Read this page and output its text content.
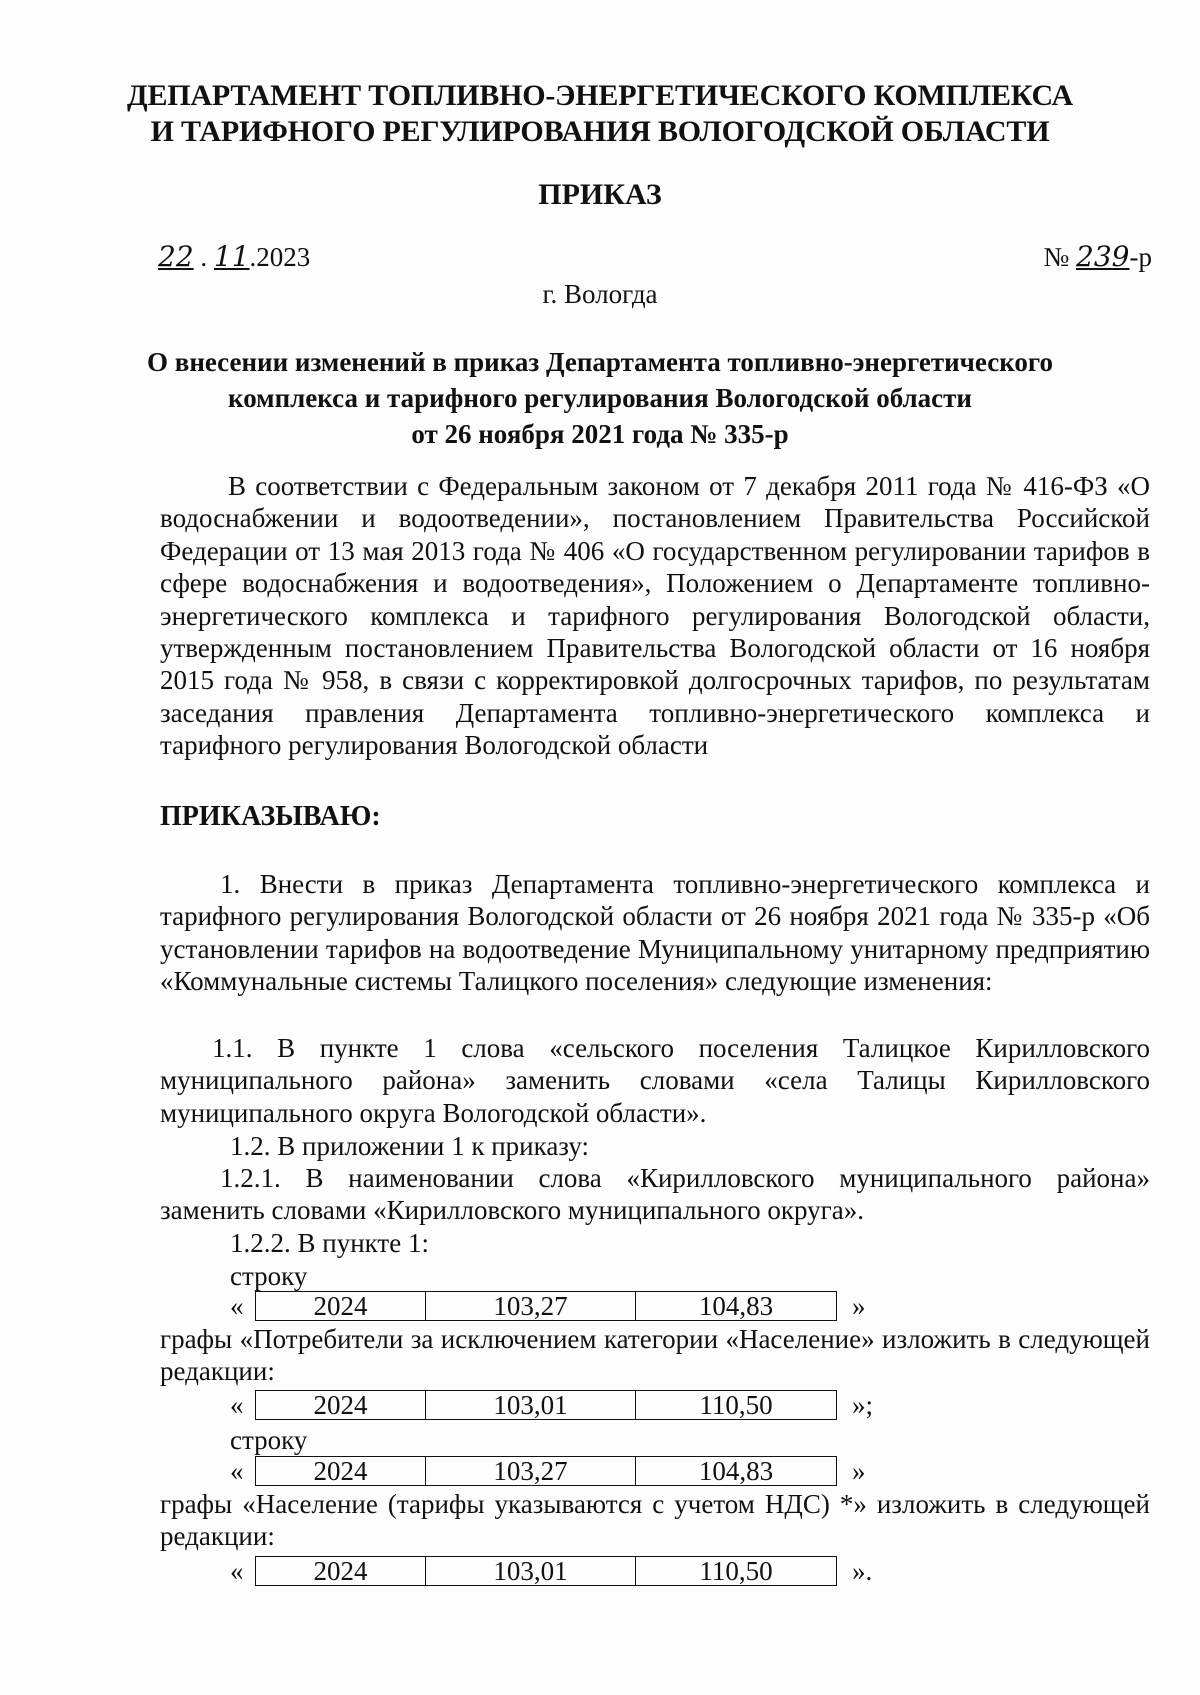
ДЕПАРТАМЕНТ ТОПЛИВНО-ЭНЕРГЕТИЧЕСКОГО КОМПЛЕКСА
И ТАРИФНОГО РЕГУЛИРОВАНИЯ ВОЛОГОДСКОЙ ОБЛАСТИ
ПРИКАЗ
22 . 11.2023	№ 239-р
г. Вологда
О внесении изменений в приказ Департамента топливно-энергетического
комплекса и тарифного регулирования Вологодской области
от 26 ноября 2021 года № 335-р
В соответствии с Федеральным законом от 7 декабря 2011 года № 416-ФЗ «О водоснабжении и водоотведении», постановлением Правительства Российской Федерации от 13 мая 2013 года № 406 «О государственном регулировании тарифов в сфере водоснабжения и водоотведения», Положением о Департаменте топливно-энергетического комплекса и тарифного регулирования Вологодской области, утвержденным постановлением Правительства Вологодской области от 16 ноября 2015 года № 958, в связи с корректировкой долгосрочных тарифов, по результатам заседания правления Департамента топливно-энергетического комплекса и тарифного регулирования Вологодской области
ПРИКАЗЫВАЮ:
1. Внести в приказ Департамента топливно-энергетического комплекса и тарифного регулирования Вологодской области от 26 ноября 2021 года № 335-р «Об установлении тарифов на водоотведение Муниципальному унитарному предприятию «Коммунальные системы Талицкого поселения» следующие изменения:
1.1. В пункте 1 слова «сельского поселения Талицкое Кирилловского муниципального района» заменить словами «села Талицы Кирилловского муниципального округа Вологодской области».
1.2. В приложении 1 к приказу:
1.2.1. В наименовании слова «Кирилловского муниципального района» заменить словами «Кирилловского муниципального округа».
1.2.2. В пункте 1:
строку
«	2024	103,27	104,83	»
графы «Потребители за исключением категории «Население» изложить в следующей редакции:
«	2024	103,01	110,50	»;
строку
«	2024	103,27	104,83	»
графы «Население (тарифы указываются с учетом НДС) *» изложить в следующей редакции:
«	2024	103,01	110,50	».
